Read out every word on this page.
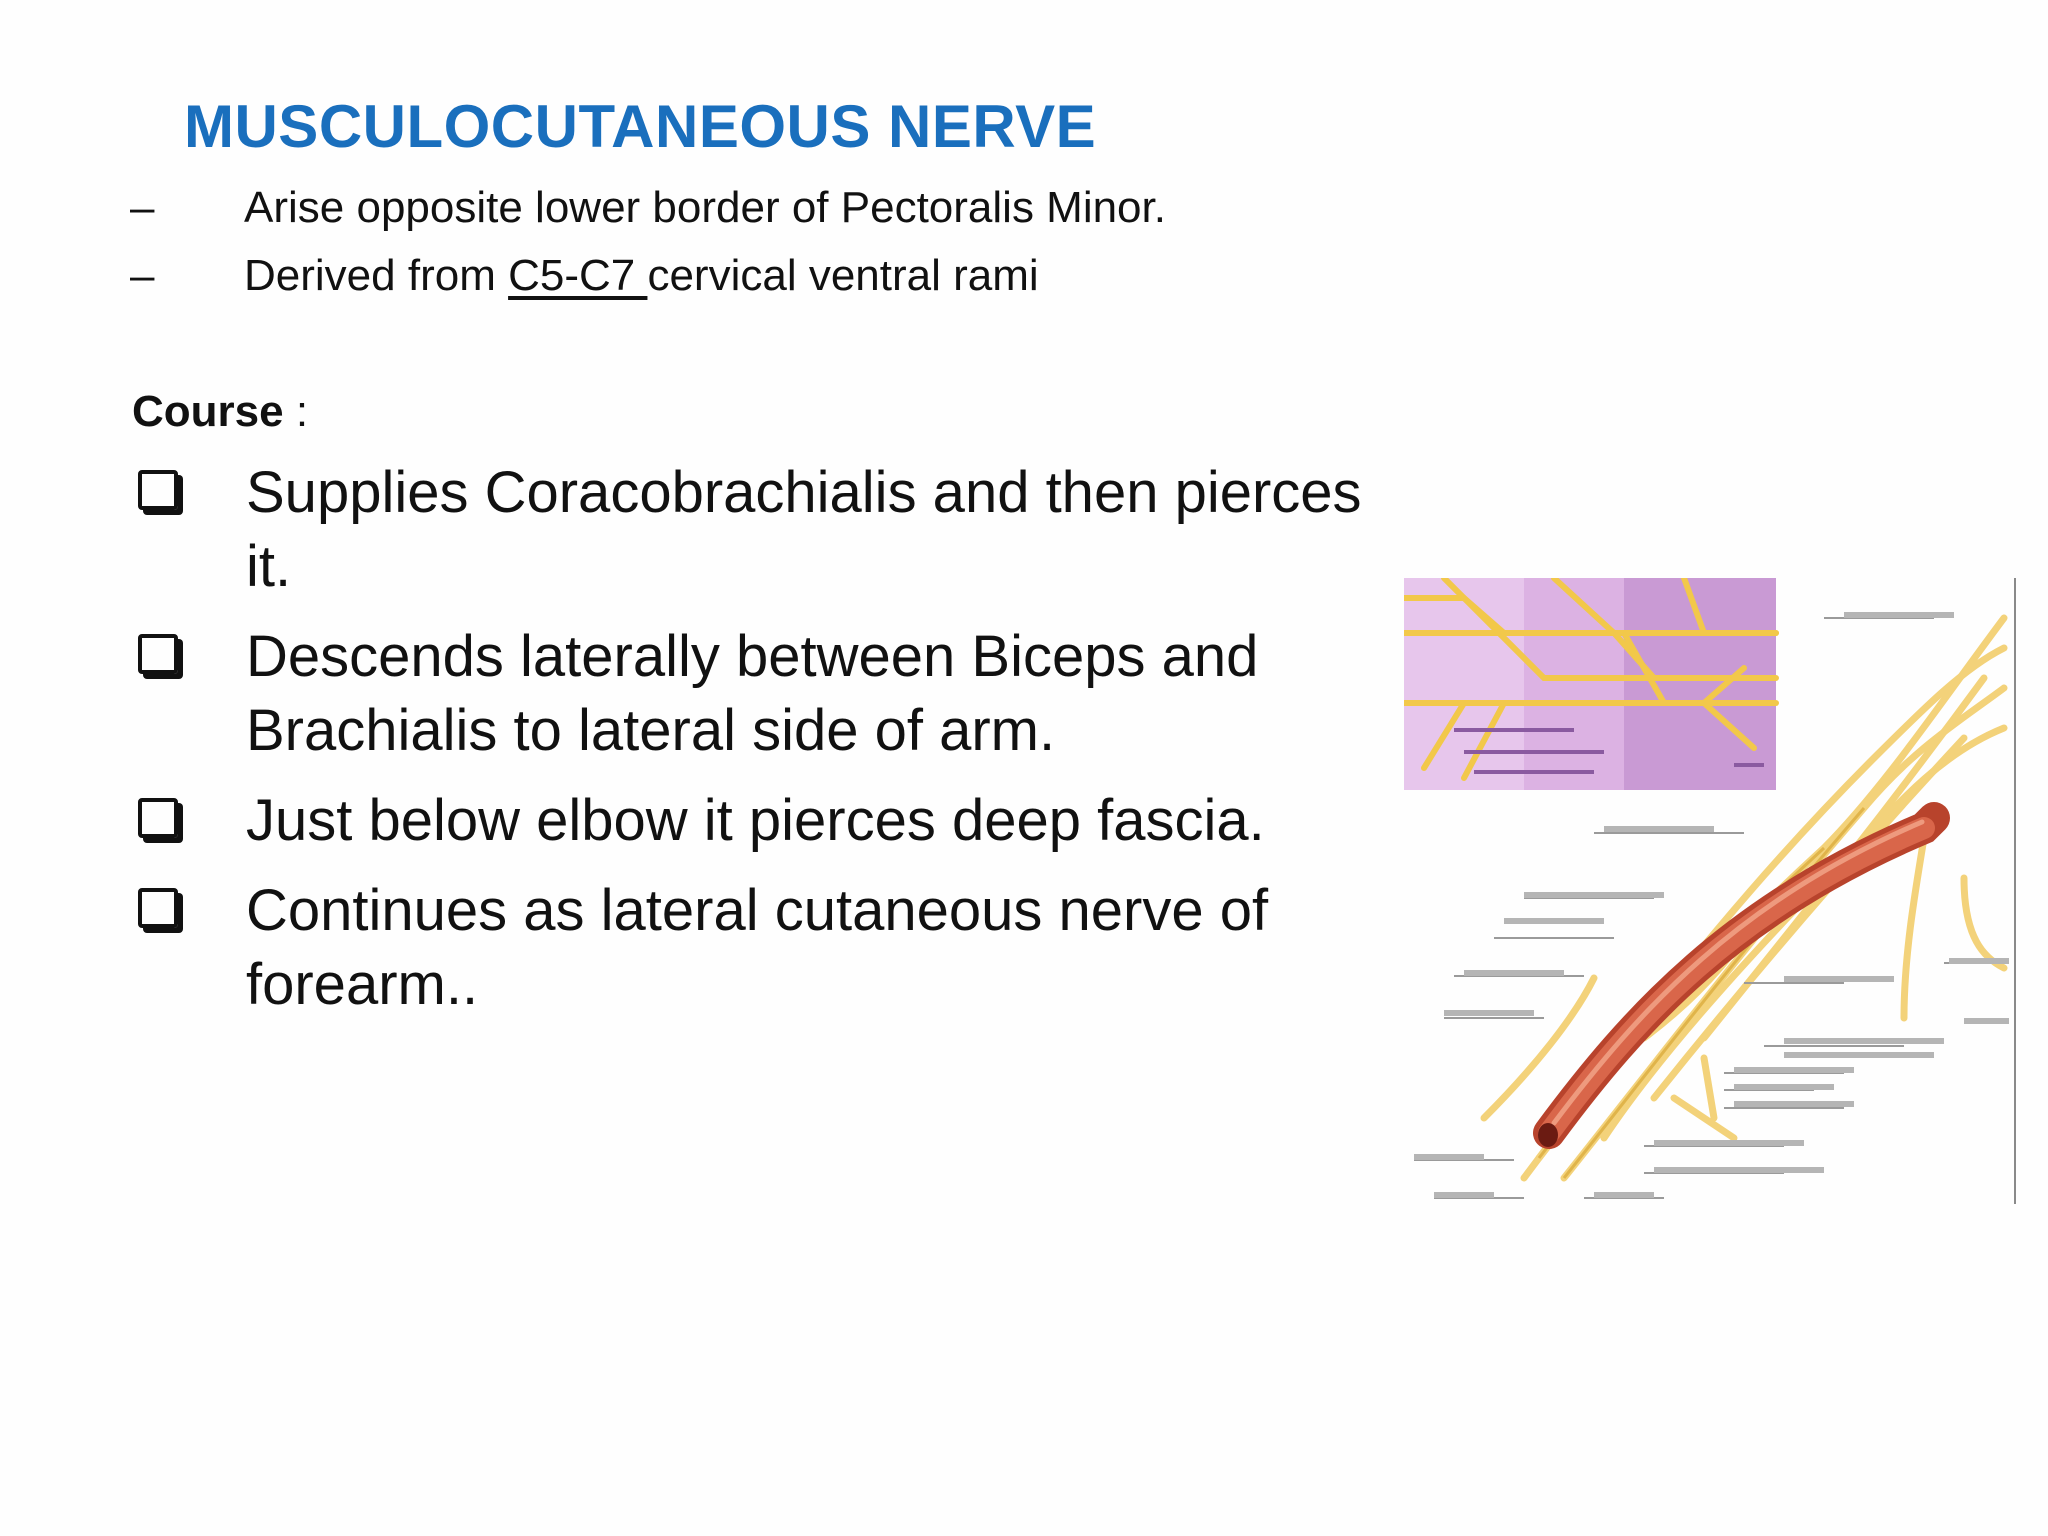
MUSCULOCUTANEOUS NERVE
–	Arise opposite lower border of Pectoralis Minor.
–	Derived from C5-C7 cervical ventral rami
Course :
Supplies Coracobrachialis and then pierces it.
Descends laterally between Biceps and Brachialis to lateral side of arm.
Just below elbow it pierces deep fascia.
Continues as lateral cutaneous nerve of forearm..
